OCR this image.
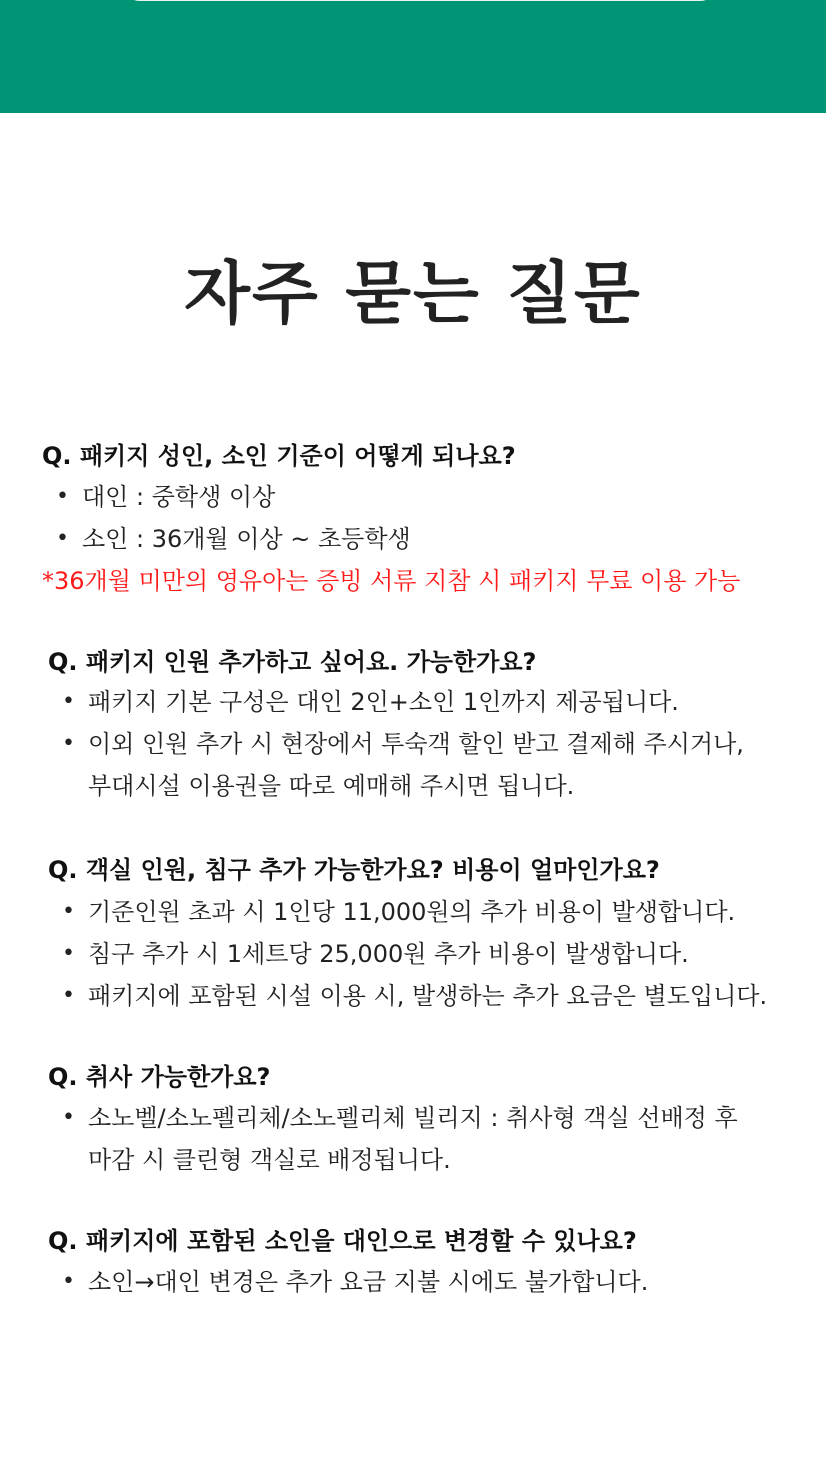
자주 묻는 질문

Q. 패키지 성인, 소인 기준이 어떻게 되나요?

• 대인 : 중학생 이상
• 소인 : 36개월 이상 ~ 초등학생
*36개월 미만의 영유아는 증빙 서류 지참 시 패키지 무료 이용 가능

Q. 패키지 인원 추가하고 싶어요. 가능한가요?

• 패키지 기본 구성은 대인 2인+소인 1인까지 제공됩니다.
• 이외 인원 추가 시 현장에서 투숙객 할인 받고 결제해 주시거나,
부대시설 이용권을 따로 예매해 주시면 됩니다.

Q. 객실 인원, 침구 추가 가능한가요? 비용이 얼마인가요?

• 기준인원 초과 시 1인당 11,000원의 추가 비용이 발생합니다.
• 침구 추가 시 1세트당 25,000원 추가 비용이 발생합니다.
• 패키지에 포함된 시설 이용 시, 발생하는 추가 요금은 별도입니다.

Q. 취사 가능한가요?

• 소노벨/소노펠리체/소노펠리체 빌리지 : 취사형 객실 선배정 후
마감 시 클린형 객실로 배정됩니다.

Q. 패키지에 포함된 소인을 대인으로 변경할 수 있나요?

• 소인→대인 변경은 추가 요금 지불 시에도 불가합니다.
